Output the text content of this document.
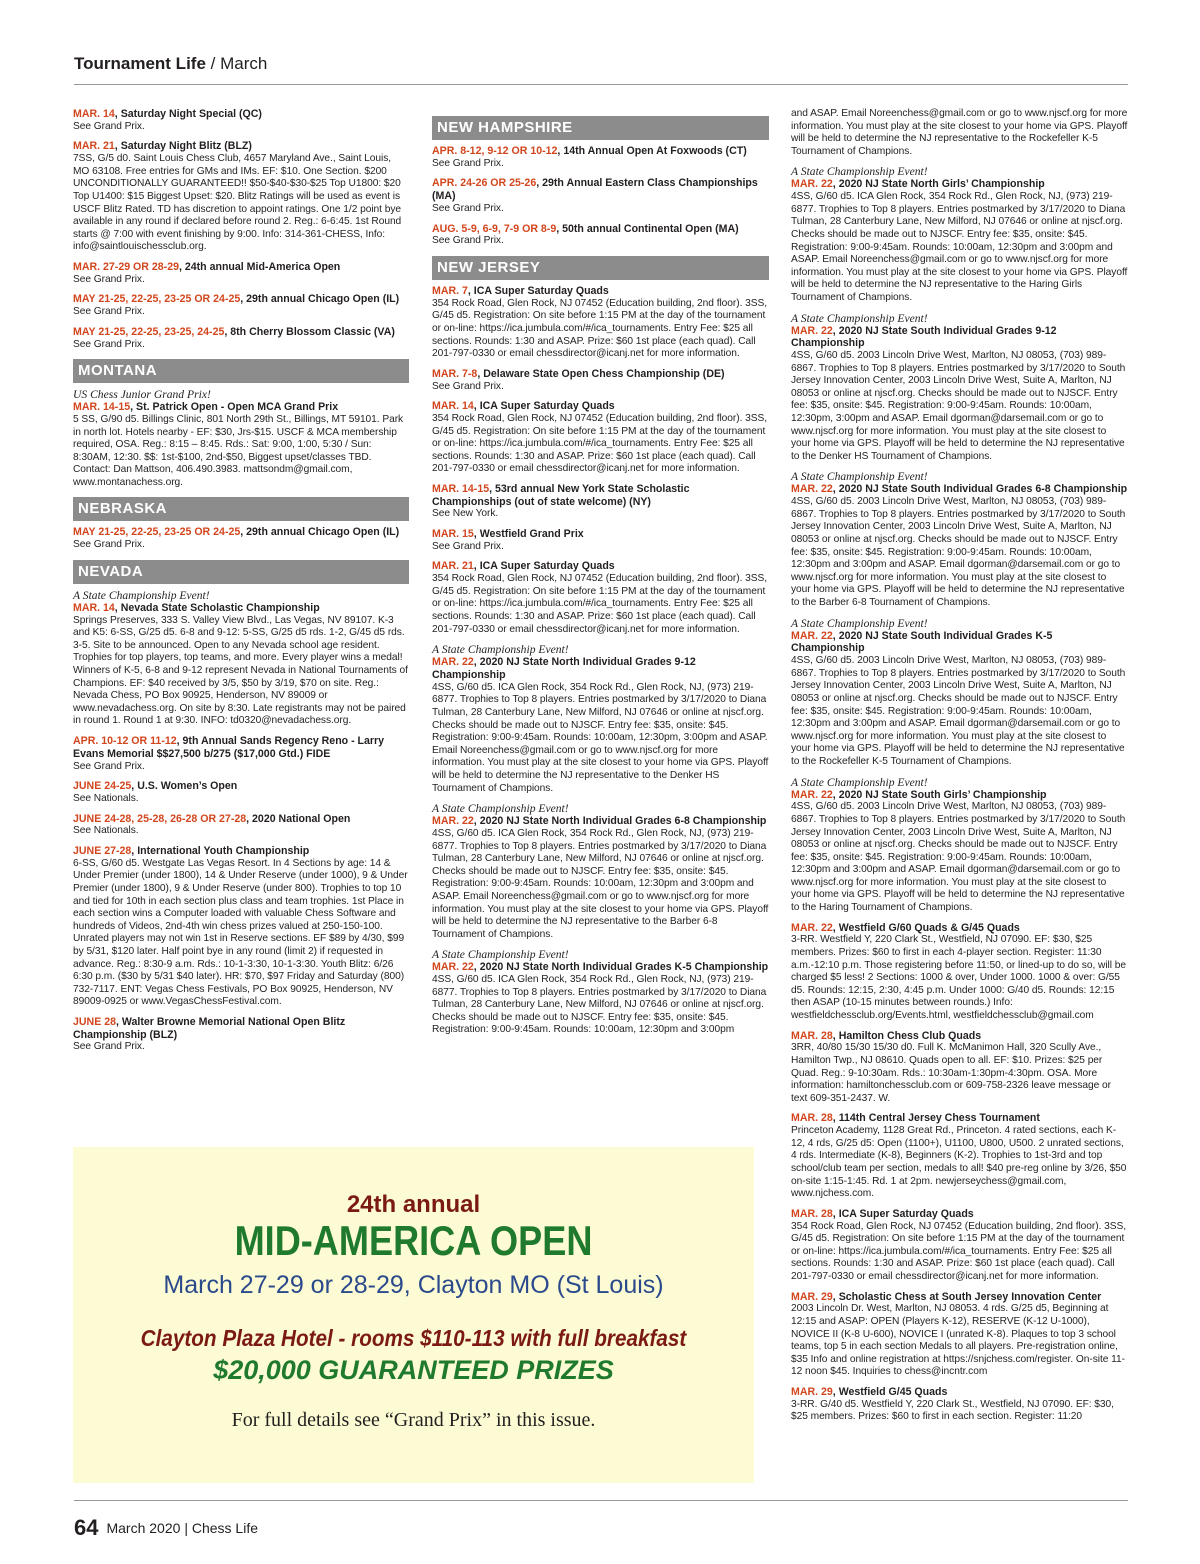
Tournament Life / March
MAR. 14, Saturday Night Special (QC)
See Grand Prix.
MAR. 21, Saturday Night Blitz (BLZ)
7SS, G/5 d0. Saint Louis Chess Club, 4657 Maryland Ave., Saint Louis, MO 63108. Free entries for GMs and IMs. EF: $10. One Section. $200 UNCONDITIONALLY GUARANTEED!! $50-$40-$30-$25 Top U1800: $20 Top U1400: $15 Biggest Upset: $20. Blitz Ratings will be used as event is USCF Blitz Rated. TD has discretion to appoint ratings. One 1/2 point bye available in any round if declared before round 2. Reg.: 6-6:45. 1st Round starts @ 7:00 with event finishing by 9:00. Info: 314-361-CHESS, Info: info@saintlouischessclub.org.
MAR. 27-29 OR 28-29, 24th annual Mid-America Open
See Grand Prix.
MAY 21-25, 22-25, 23-25 OR 24-25, 29th annual Chicago Open (IL)
See Grand Prix.
MAY 21-25, 22-25, 23-25, 24-25, 8th Cherry Blossom Classic (VA)
See Grand Prix.
MONTANA
US Chess Junior Grand Prix!
MAR. 14-15, St. Patrick Open - Open MCA Grand Prix
5 SS, G/90 d5. Billings Clinic, 801 North 29th St., Billings, MT 59101. Park in north lot. Hotels nearby - EF: $30, Jrs-$15. USCF & MCA membership required, OSA. Reg.: 8:15 – 8:45. Rds.: Sat: 9:00, 1:00, 5:30 / Sun: 8:30AM, 12:30. $$: 1st-$100, 2nd-$50, Biggest upset/classes TBD. Contact: Dan Mattson, 406.490.3983. mattsondm@gmail.com, www.montanachess.org.
NEBRASKA
MAY 21-25, 22-25, 23-25 OR 24-25, 29th annual Chicago Open (IL)
See Grand Prix.
NEVADA
A State Championship Event!
MAR. 14, Nevada State Scholastic Championship
Springs Preserves, 333 S. Valley View Blvd., Las Vegas, NV 89107. K-3 and K5: 6-SS, G/25 d5. 6-8 and 9-12: 5-SS, G/25 d5 rds. 1-2, G/45 d5 rds. 3-5. Site to be announced. Open to any Nevada school age resident. Trophies for top players, top teams, and more. Every player wins a medal! Winners of K-5, 6-8 and 9-12 represent Nevada in National Tournaments of Champions. EF: $40 received by 3/5, $50 by 3/19, $70 on site. Reg.: Nevada Chess, PO Box 90925, Henderson, NV 89009 or www.nevadachess.org. On site by 8:30. Late registrants may not be paired in round 1. Round 1 at 9:30. INFO: td0320@nevadachess.org.
APR. 10-12 OR 11-12, 9th Annual Sands Regency Reno - Larry Evans Memorial $$27,500 b/275 ($17,000 Gtd.) FIDE
See Grand Prix.
JUNE 24-25, U.S. Women’s Open
See Nationals.
JUNE 24-28, 25-28, 26-28 OR 27-28, 2020 National Open
See Nationals.
JUNE 27-28, International Youth Championship
6-SS, G/60 d5. Westgate Las Vegas Resort. In 4 Sections by age: 14 & Under Premier (under 1800), 14 & Under Reserve (under 1000), 9 & Under Premier (under 1800), 9 & Under Reserve (under 800). Trophies to top 10 and tied for 10th in each section plus class and team trophies. 1st Place in each section wins a Computer loaded with valuable Chess Software and hundreds of Videos, 2nd-4th win chess prizes valued at 250-150-100. Unrated players may not win 1st in Reserve sections. EF $89 by 4/30, $99 by 5/31, $120 later. Half point bye in any round (limit 2) if requested in advance. Reg.: 8:30-9 a.m. Rds.: 10-1-3:30, 10-1-3:30. Youth Blitz: 6/26 6:30 p.m. ($30 by 5/31 $40 later). HR: $70, $97 Friday and Saturday (800) 732-7117. ENT: Vegas Chess Festivals, PO Box 90925, Henderson, NV 89009-0925 or www.VegasChessFestival.com.
JUNE 28, Walter Browne Memorial National Open Blitz Championship (BLZ)
See Grand Prix.
NEW HAMPSHIRE
APR. 8-12, 9-12 OR 10-12, 14th Annual Open At Foxwoods (CT)
See Grand Prix.
APR. 24-26 OR 25-26, 29th Annual Eastern Class Championships (MA)
See Grand Prix.
AUG. 5-9, 6-9, 7-9 OR 8-9, 50th annual Continental Open (MA)
See Grand Prix.
NEW JERSEY
MAR. 7, ICA Super Saturday Quads
354 Rock Road, Glen Rock, NJ 07452 (Education building, 2nd floor). 3SS, G/45 d5. Registration: On site before 1:15 PM at the day of the tournament or on-line: https://ica.jumbula.com/#/ica_tournaments. Entry Fee: $25 all sections. Rounds: 1:30 and ASAP. Prize: $60 1st place (each quad). Call 201-797-0330 or email chessdirector@icanj.net for more information.
MAR. 7-8, Delaware State Open Chess Championship (DE)
See Grand Prix.
MAR. 14, ICA Super Saturday Quads
354 Rock Road, Glen Rock, NJ 07452 (Education building, 2nd floor). 3SS, G/45 d5. Registration: On site before 1:15 PM at the day of the tournament or on-line: https://ica.jumbula.com/#/ica_tournaments. Entry Fee: $25 all sections. Rounds: 1:30 and ASAP. Prize: $60 1st place (each quad). Call 201-797-0330 or email chessdirector@icanj.net for more information.
MAR. 14-15, 53rd annual New York State Scholastic Championships (out of state welcome) (NY)
See New York.
MAR. 15, Westfield Grand Prix
See Grand Prix.
MAR. 21, ICA Super Saturday Quads
354 Rock Road, Glen Rock, NJ 07452 (Education building, 2nd floor). 3SS, G/45 d5. Registration: On site before 1:15 PM at the day of the tournament or on-line: https://ica.jumbula.com/#/ica_tournaments. Entry Fee: $25 all sections. Rounds: 1:30 and ASAP. Prize: $60 1st place (each quad). Call 201-797-0330 or email chessdirector@icanj.net for more information.
A State Championship Event!
MAR. 22, 2020 NJ State North Individual Grades 9-12 Championship
4SS, G/60 d5. ICA Glen Rock, 354 Rock Rd., Glen Rock, NJ, (973) 219-6877. Trophies to Top 8 players. Entries postmarked by 3/17/2020 to Diana Tulman, 28 Canterbury Lane, New Milford, NJ 07646 or online at njscf.org. Checks should be made out to NJSCF. Entry fee: $35, onsite: $45. Registration: 9:00-9:45am. Rounds: 10:00am, 12:30pm, 3:00pm and ASAP. Email Noreenchess@gmail.com or go to www.njscf.org for more information. You must play at the site closest to your home via GPS. Playoff will be held to determine the NJ representative to the Denker HS Tournament of Champions.
A State Championship Event!
MAR. 22, 2020 NJ State North Individual Grades 6-8 Championship
4SS, G/60 d5. ICA Glen Rock, 354 Rock Rd., Glen Rock, NJ, (973) 219-6877. Trophies to Top 8 players. Entries postmarked by 3/17/2020 to Diana Tulman, 28 Canterbury Lane, New Milford, NJ 07646 or online at njscf.org. Checks should be made out to NJSCF. Entry fee: $35, onsite: $45. Registration: 9:00-9:45am. Rounds: 10:00am, 12:30pm and 3:00pm and ASAP. Email Noreenchess@gmail.com or go to www.njscf.org for more information. You must play at the site closest to your home via GPS. Playoff will be held to determine the NJ representative to the Barber 6-8 Tournament of Champions.
A State Championship Event!
MAR. 22, 2020 NJ State North Individual Grades K-5 Championship
4SS, G/60 d5. ICA Glen Rock, 354 Rock Rd., Glen Rock, NJ, (973) 219-6877. Trophies to Top 8 players. Entries postmarked by 3/17/2020 to Diana Tulman, 28 Canterbury Lane, New Milford, NJ 07646 or online at njscf.org. Checks should be made out to NJSCF. Entry fee: $35, onsite: $45. Registration: 9:00-9:45am. Rounds: 10:00am, 12:30pm and 3:00pm
and ASAP. Email Noreenchess@gmail.com or go to www.njscf.org for more information. You must play at the site closest to your home via GPS. Playoff will be held to determine the NJ representative to the Rockefeller K-5 Tournament of Champions.
A State Championship Event!
MAR. 22, 2020 NJ State North Girls’ Championship
4SS, G/60 d5. ICA Glen Rock, 354 Rock Rd., Glen Rock, NJ, (973) 219-6877. Trophies to Top 8 players. Entries postmarked by 3/17/2020 to Diana Tulman, 28 Canterbury Lane, New Milford, NJ 07646 or online at njscf.org. Checks should be made out to NJSCF. Entry fee: $35, onsite: $45. Registration: 9:00-9:45am. Rounds: 10:00am, 12:30pm and 3:00pm and ASAP. Email Noreenchess@gmail.com or go to www.njscf.org for more information. You must play at the site closest to your home via GPS. Playoff will be held to determine the NJ representative to the Haring Girls Tournament of Champions.
A State Championship Event!
MAR. 22, 2020 NJ State South Individual Grades 9-12 Championship
4SS, G/60 d5. 2003 Lincoln Drive West, Marlton, NJ 08053, (703) 989-6867. Trophies to Top 8 players. Entries postmarked by 3/17/2020 to South Jersey Innovation Center, 2003 Lincoln Drive West, Suite A, Marlton, NJ 08053 or online at njscf.org. Checks should be made out to NJSCF. Entry fee: $35, onsite: $45. Registration: 9:00-9:45am. Rounds: 10:00am, 12:30pm, 3:00pm and ASAP. Email dgorman@darsemail.com or go to www.njscf.org for more information. You must play at the site closest to your home via GPS. Playoff will be held to determine the NJ representative to the Denker HS Tournament of Champions.
A State Championship Event!
MAR. 22, 2020 NJ State South Individual Grades 6-8 Championship
4SS, G/60 d5. 2003 Lincoln Drive West, Marlton, NJ 08053, (703) 989-6867. Trophies to Top 8 players. Entries postmarked by 3/17/2020 to South Jersey Innovation Center, 2003 Lincoln Drive West, Suite A, Marlton, NJ 08053 or online at njscf.org. Checks should be made out to NJSCF. Entry fee: $35, onsite: $45. Registration: 9:00-9:45am. Rounds: 10:00am, 12:30pm and 3:00pm and ASAP. Email dgorman@darsemail.com or go to www.njscf.org for more information. You must play at the site closest to your home via GPS. Playoff will be held to determine the NJ representative to the Barber 6-8 Tournament of Champions.
A State Championship Event!
MAR. 22, 2020 NJ State South Individual Grades K-5 Championship
4SS, G/60 d5. 2003 Lincoln Drive West, Marlton, NJ 08053, (703) 989-6867. Trophies to Top 8 players. Entries postmarked by 3/17/2020 to South Jersey Innovation Center, 2003 Lincoln Drive West, Suite A, Marlton, NJ 08053 or online at njscf.org. Checks should be made out to NJSCF. Entry fee: $35, onsite: $45. Registration: 9:00-9:45am. Rounds: 10:00am, 12:30pm and 3:00pm and ASAP. Email dgorman@darsemail.com or go to www.njscf.org for more information. You must play at the site closest to your home via GPS. Playoff will be held to determine the NJ representative to the Rockefeller K-5 Tournament of Champions.
A State Championship Event!
MAR. 22, 2020 NJ State South Girls’ Championship
4SS, G/60 d5. 2003 Lincoln Drive West, Marlton, NJ 08053, (703) 989-6867. Trophies to Top 8 players. Entries postmarked by 3/17/2020 to South Jersey Innovation Center, 2003 Lincoln Drive West, Suite A, Marlton, NJ 08053 or online at njscf.org. Checks should be made out to NJSCF. Entry fee: $35, onsite: $45. Registration: 9:00-9:45am. Rounds: 10:00am, 12:30pm and 3:00pm and ASAP. Email dgorman@darsemail.com or go to www.njscf.org for more information. You must play at the site closest to your home via GPS. Playoff will be held to determine the NJ representative to the Haring Tournament of Champions.
MAR. 22, Westfield G/60 Quads & G/45 Quads
3-RR. Westfield Y, 220 Clark St., Westfield, NJ 07090. EF: $30, $25 members. Prizes: $60 to first in each 4-player section. Register: 11:30 a.m.-12:10 p.m. Those registering before 11:50, or lined-up to do so, will be charged $5 less! 2 Sections: 1000 & over, Under 1000. 1000 & over: G/55 d5. Rounds: 12:15, 2:30, 4:45 p.m. Under 1000: G/40 d5. Rounds: 12:15 then ASAP (10-15 minutes between rounds.) Info: westfieldchessclub.org/Events.html, westfieldchessclub@gmail.com
MAR. 28, Hamilton Chess Club Quads
3RR, 40/80 15/30 15/30 d0. Full K. McManimon Hall, 320 Scully Ave., Hamilton Twp., NJ 08610. Quads open to all. EF: $10. Prizes: $25 per Quad. Reg.: 9-10:30am. Rds.: 10:30am-1:30pm-4:30pm. OSA. More information: hamiltonchessclub.com or 609-758-2326 leave message or text 609-351-2437. W.
MAR. 28, 114th Central Jersey Chess Tournament
Princeton Academy, 1128 Great Rd., Princeton. 4 rated sections, each K-12, 4 rds, G/25 d5: Open (1100+), U1100, U800, U500. 2 unrated sections, 4 rds. Intermediate (K-8), Beginners (K-2). Trophies to 1st-3rd and top school/club team per section, medals to all! $40 pre-reg online by 3/26, $50 on-site 1:15-1:45. Rd. 1 at 2pm. newjerseychess@gmail.com, www.njchess.com.
MAR. 28, ICA Super Saturday Quads
354 Rock Road, Glen Rock, NJ 07452 (Education building, 2nd floor). 3SS, G/45 d5. Registration: On site before 1:15 PM at the day of the tournament or on-line: https://ica.jumbula.com/#/ica_tournaments. Entry Fee: $25 all sections. Rounds: 1:30 and ASAP. Prize: $60 1st place (each quad). Call 201-797-0330 or email chessdirector@icanj.net for more information.
MAR. 29, Scholastic Chess at South Jersey Innovation Center
2003 Lincoln Dr. West, Marlton, NJ 08053. 4 rds. G/25 d5, Beginning at 12:15 and ASAP: OPEN (Players K-12), RESERVE (K-12 U-1000), NOVICE II (K-8 U-600), NOVICE I (unrated K-8). Plaques to top 3 school teams, top 5 in each section Medals to all players. Pre-registration online, $35 Info and online registration at https://snjchess.com/register. On-site 11-12 noon $45. Inquiries to chess@incntr.com
MAR. 29, Westfield G/45 Quads
3-RR. G/40 d5. Westfield Y, 220 Clark St., Westfield, NJ 07090. EF: $30, $25 members. Prizes: $60 to first in each section. Register: 11:20
24th annual
MID-AMERICA OPEN
March 27-29 or 28-29, Clayton MO (St Louis)
Clayton Plaza Hotel - rooms $110-113 with full breakfast
$20,000 GUARANTEED PRIZES
For full details see “Grand Prix” in this issue.
64 March 2020 | Chess Life
